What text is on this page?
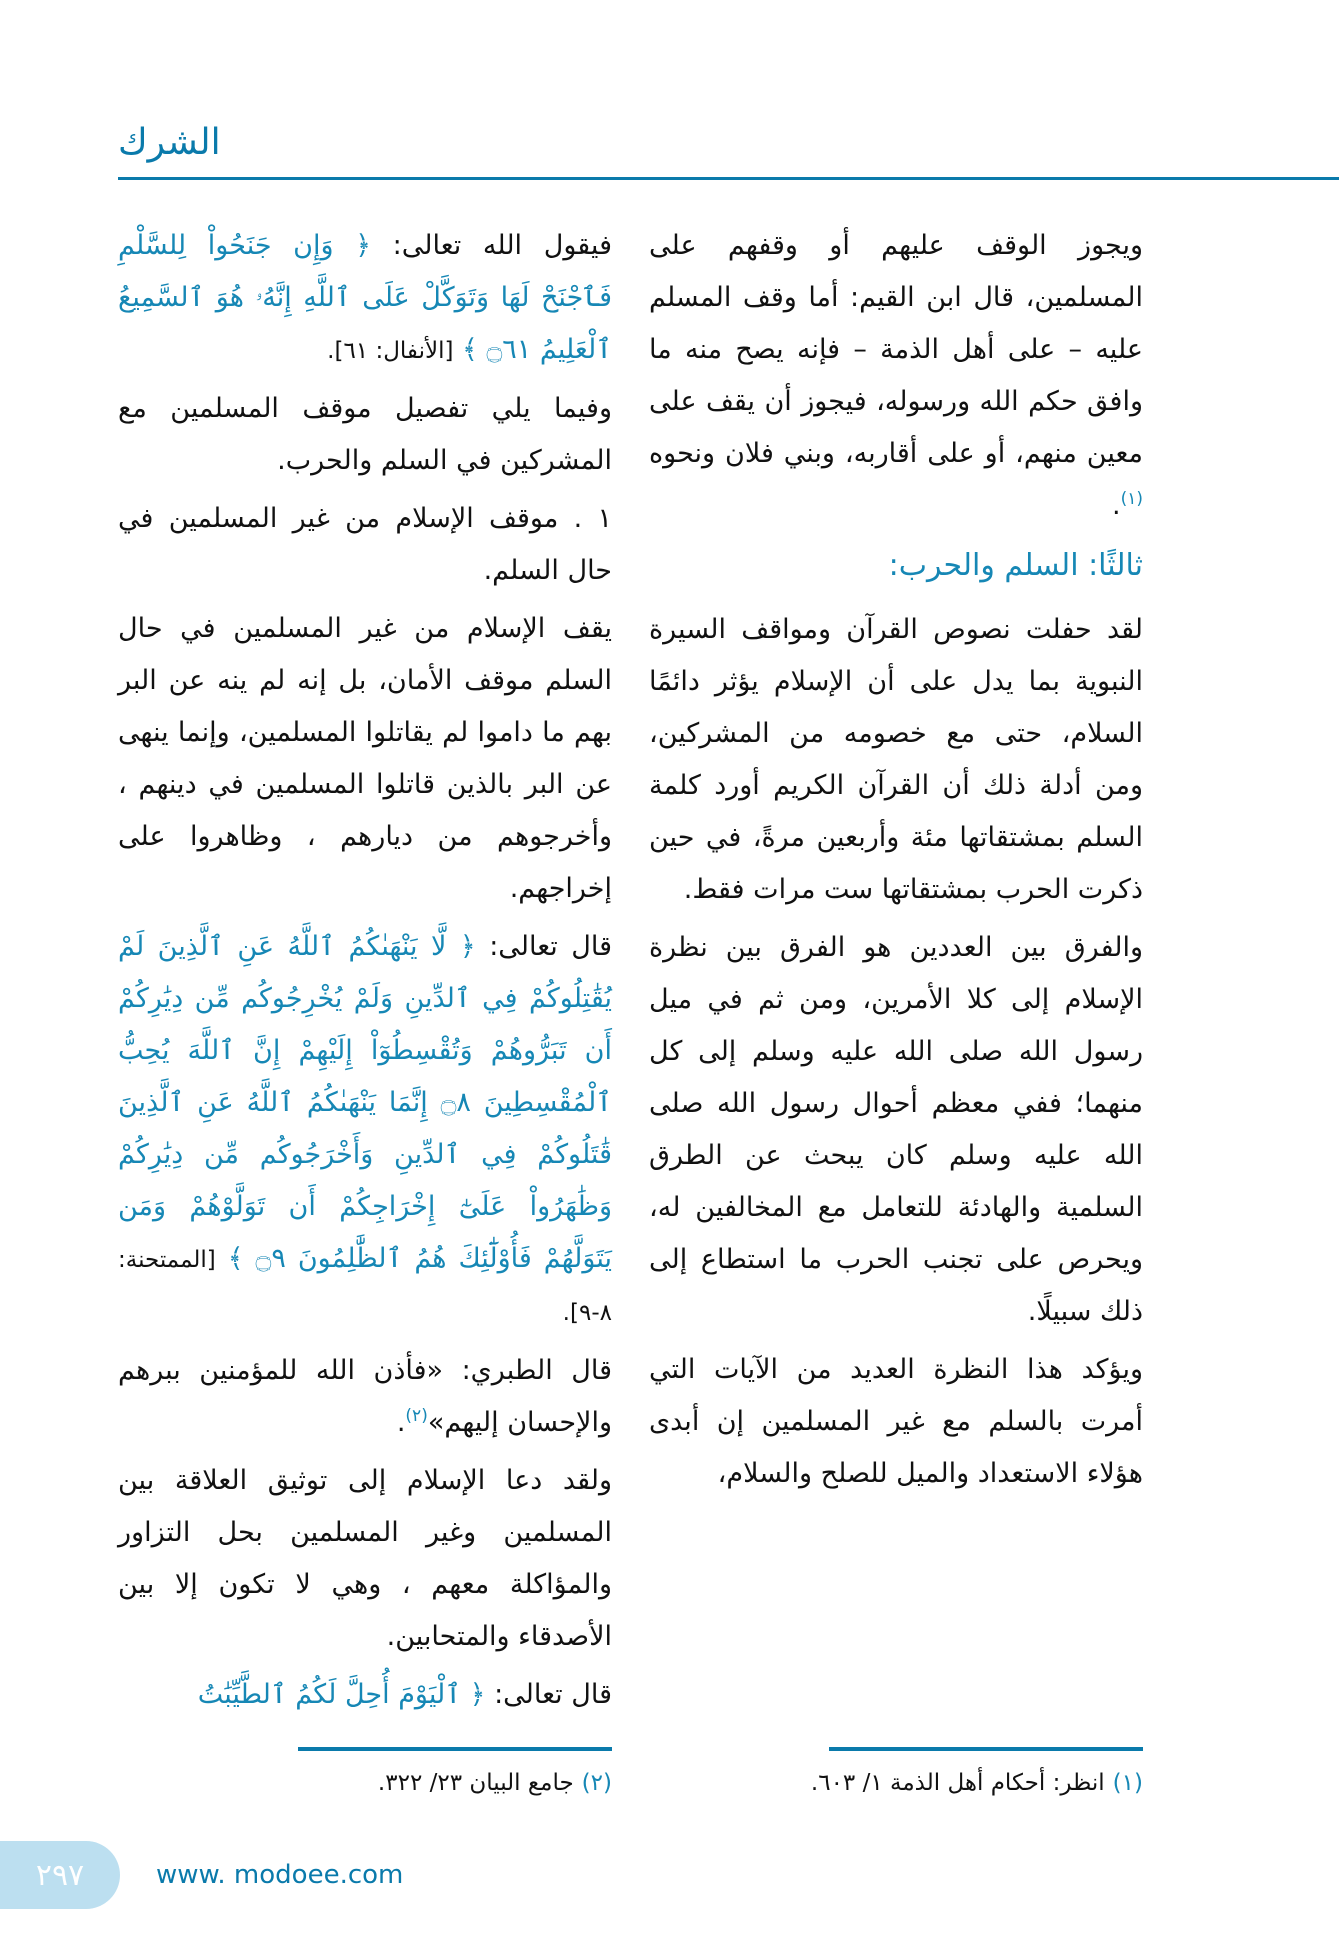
الشرك

فيقول الله تعالى: ﴿ وَإِن جَنَحُواْ لِلسَّلْمِ فَٱجْنَحْ لَهَا وَتَوَكَّلْ عَلَى ٱللَّهِ إِنَّهُۥ هُوَ ٱلسَّمِيعُ ٱلْعَلِيمُ ۝٦١ ﴾ [الأنفال: ٦١].

وفيما يلي تفصيل موقف المسلمين مع المشركين في السلم والحرب.

١ . موقف الإسلام من غير المسلمين في حال السلم.

يقف الإسلام من غير المسلمين في حال السلم موقف الأمان، بل إنه لم ينه عن البر بهم ما داموا لم يقاتلوا المسلمين، وإنما ينهى عن البر بالذين قاتلوا المسلمين في دينهم ، وأخرجوهم من ديارهم ، وظاهروا على إخراجهم.

قال تعالى: ﴿ لَّا يَنْهَىٰكُمُ ٱللَّهُ عَنِ ٱلَّذِينَ لَمْ يُقَٰتِلُوكُمْ فِي ٱلدِّينِ وَلَمْ يُخْرِجُوكُم مِّن دِيَٰرِكُمْ أَن تَبَرُّوهُمْ وَتُقْسِطُوٓاْ إِلَيْهِمْ إِنَّ ٱللَّهَ يُحِبُّ ٱلْمُقْسِطِينَ ۝٨ إِنَّمَا يَنْهَىٰكُمُ ٱللَّهُ عَنِ ٱلَّذِينَ قَٰتَلُوكُمْ فِي ٱلدِّينِ وَأَخْرَجُوكُم مِّن دِيَٰرِكُمْ وَظَٰهَرُواْ عَلَىٰٓ إِخْرَاجِكُمْ أَن تَوَلَّوْهُمْ وَمَن يَتَوَلَّهُمْ فَأُوْلَٰٓئِكَ هُمُ ٱلظَّٰلِمُونَ ۝٩ ﴾ [الممتحنة: ٨-٩].

قال الطبري: «فأذن الله للمؤمنين ببرهم والإحسان إليهم»$^{(٢)}$.

ولقد دعا الإسلام إلى توثيق العلاقة بين المسلمين وغير المسلمين بحل التزاور والمؤاكلة معهم ، وهي لا تكون إلا بين الأصدقاء والمتحابين.

قال تعالى: ﴿ ٱلْيَوْمَ أُحِلَّ لَكُمُ ٱلطَّيِّبَٰتُ

(٢)جامع البيان ٢٣/ ٣٢٢.

ويجوز الوقف عليهم أو وقفهم على المسلمين، قال ابن القيم: أما وقف المسلم عليه – على أهل الذمة – فإنه يصح منه ما وافق حكم الله ورسوله، فيجوز أن يقف على معين منهم، أو على أقاربه، وبني فلان ونحوه $^{(١)}$.

ثالثًا: السلم والحرب:

لقد حفلت نصوص القرآن ومواقف السيرة النبوية بما يدل على أن الإسلام يؤثر دائمًا السلام، حتى مع خصومه من المشركين، ومن أدلة ذلك أن القرآن الكريم أورد كلمة السلم بمشتقاتها مئة وأربعين مرةً، في حين ذكرت الحرب بمشتقاتها ست مرات فقط.

والفرق بين العددين هو الفرق بين نظرة الإسلام إلى كلا الأمرين، ومن ثم في ميل رسول الله صلى الله عليه وسلم إلى كل منهما؛ ففي معظم أحوال رسول الله صلى الله عليه وسلم كان يبحث عن الطرق السلمية والهادئة للتعامل مع المخالفين له، ويحرص على تجنب الحرب ما استطاع إلى ذلك سبيلًا.

ويؤكد هذا النظرة العديد من الآيات التي أمرت بالسلم مع غير المسلمين إن أبدى هؤلاء الاستعداد والميل للصلح والسلام،

(١)انظر: أحكام أهل الذمة ١/ ٦٠٣.
٢٩٧	www. modoee.com
